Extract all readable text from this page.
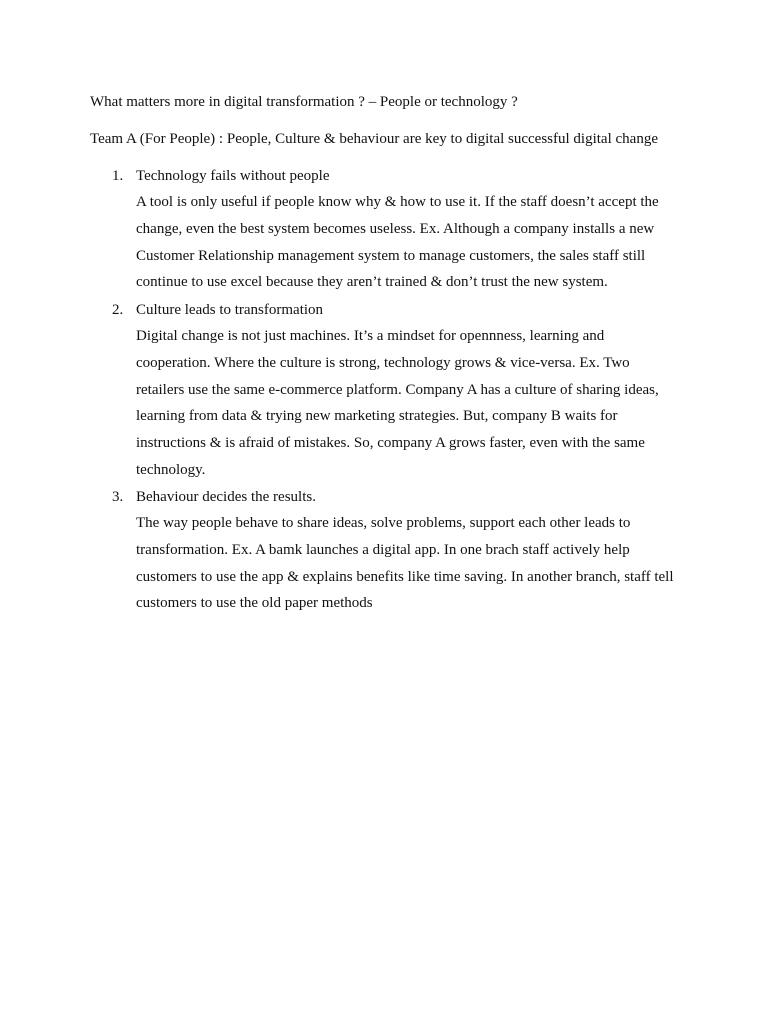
What matters more in digital transformation ? – People or technology ?
Team A (For People) : People, Culture & behaviour are key to digital successful digital change
1. Technology fails without people
A tool is only useful if people know why & how to use it. If the staff doesn’t accept the change, even the best system becomes useless. Ex. Although a company installs a new Customer Relationship management system to manage customers, the sales staff still continue to use excel because they aren’t trained & don’t trust the new system.
2. Culture leads to transformation
Digital change is not just machines. It’s a mindset for opennness, learning and cooperation. Where the culture is strong, technology grows & vice-versa. Ex. Two retailers use the same e-commerce platform. Company A has a culture of sharing ideas, learning from data & trying new marketing strategies. But, company B waits for instructions & is afraid of mistakes. So, company A grows faster, even with the same technology.
3. Behaviour decides the results.
The way people behave to share ideas, solve problems, support each other leads to transformation. Ex. A bamk launches a digital app. In one brach staff actively help customers to use the app & explains benefits like time saving. In another branch, staff tell customers to use the old paper methods
